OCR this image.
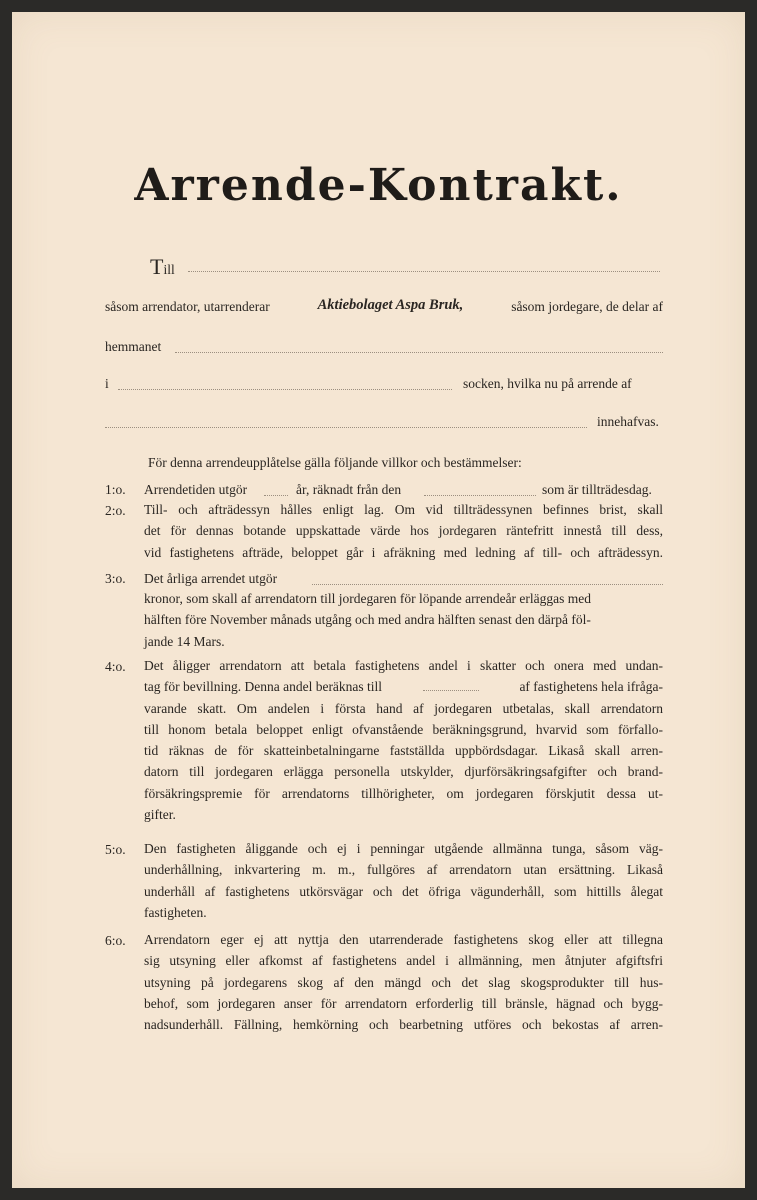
Arrende-Kontrakt.
Till
såsom arrendator, utarrenderar	Aktiebolaget Aspa Bruk,	såsom jordegare, de delar af
hemmanet
i	socken, hvilka nu på arrende af
innehafvas.
För denna arrendeupplåtelse gälla följande villkor och bestämmelser:
1:o. Arrendetiden utgör	år, räknadt från den	som är tillträdesdag.
2:o. Till- och afträdessyn hålles enligt lag. Om vid tillträdessynen befinnes brist, skall
det för dennas botande uppskattade värde hos jordegaren räntefritt innestå till dess,
vid fastighetens afträde, beloppet går i afräkning med ledning af till- och afträdessyn.
3:o. Det årliga arrendet utgör
kronor, som skall af arrendatorn till jordegaren för löpande arrendeår erläggas med
hälften före November månads utgång och med andra hälften senast den därpå föl-
jande 14 Mars.
4:o. Det åligger arrendatorn att betala fastighetens andel i skatter och onera med undan-
tag för bevillning. Denna andel beräknas till	af fastighetens hela ifråga-
varande skatt. Om andelen i första hand af jordegaren utbetalas, skall arrendatorn
till honom betala beloppet enligt ofvanstående beräkningsgrund, hvarvid som förfallo-
tid räknas de för skatteinbetalningarne fastställda uppbördsdagar. Likaså skall arren-
datorn till jordegaren erlägga personella utskylder, djurförsäkringsafgifter och brand-
försäkringspremie för arrendatorns tillhörigheter, om jordegaren förskjutit dessa ut-
gifter.
5:o. Den fastigheten åliggande och ej i penningar utgående allmänna tunga, såsom väg-
underhållning, inkvartering m. m., fullgöres af arrendatorn utan ersättning. Likaså
underhåll af fastighetens utkörsvägar och det öfriga vägunderhåll, som hittills ålegat
fastigheten.
6:o. Arrendatorn eger ej att nyttja den utarrenderade fastighetens skog eller att tillegna
sig utsyning eller afkomst af fastighetens andel i allmänning, men åtnjuter afgiftsfri
utsyning på jordegarens skog af den mängd och det slag skogsprodukter till hus-
behof, som jordegaren anser för arrendatorn erforderlig till bränsle, hägnad och bygg-
nadsunderhåll. Fällning, hemkörning och bearbetning utföres och bekostas af arren-
